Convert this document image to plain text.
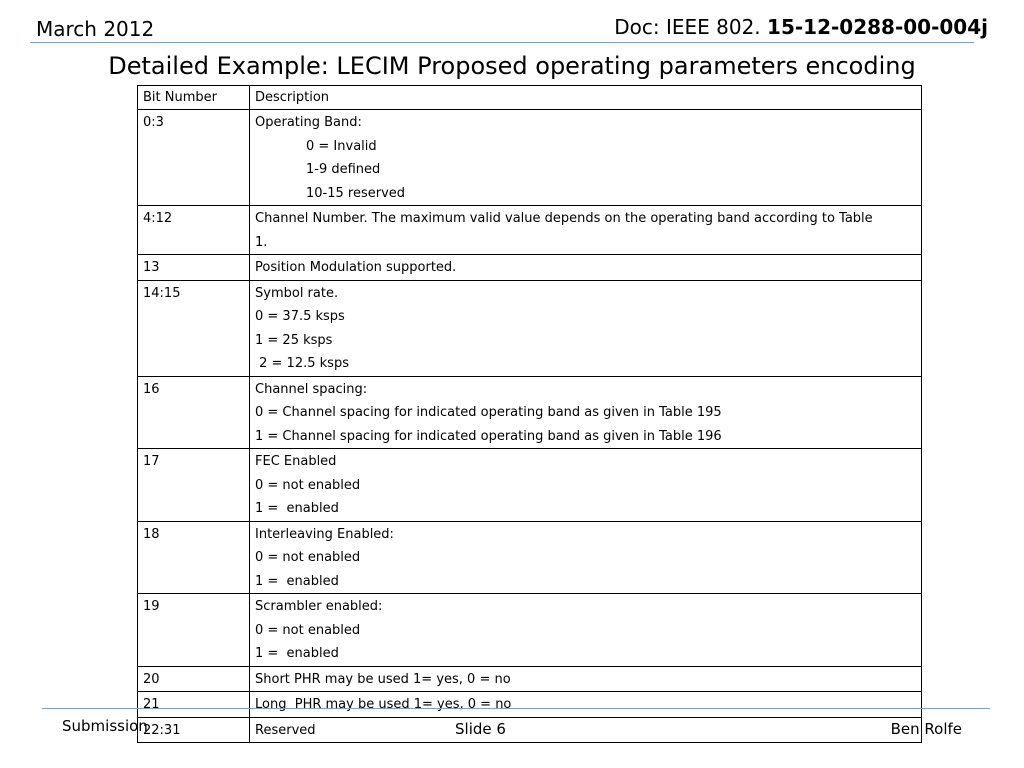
March 2012	Doc: IEEE 802. 15-12-0288-00-004j
Detailed Example: LECIM Proposed operating parameters encoding
Bit Number	Description
0:3	Operating Band:
0 = Invalid
1-9 defined
10-15 reserved

4:12	Channel Number. The maximum valid value depends on the operating band according to Table
1.

13	Position Modulation supported.

14:15	Symbol rate.
0 = 37.5 ksps
1 = 25 ksps
2 = 12.5 ksps

16	Channel spacing:
0 = Channel spacing for indicated operating band as given in Table 195
1 = Channel spacing for indicated operating band as given in Table 196

17	FEC Enabled
0 = not enabled
1 =  enabled

18	Interleaving Enabled:
0 = not enabled
1 =  enabled

19	Scrambler enabled:
0 = not enabled
1 =  enabled

20	Short PHR may be used 1= yes, 0 = no

21	Long  PHR may be used 1= yes, 0 = no

22:31	Reserved
Submission	Slide 6	Ben Rolfe
